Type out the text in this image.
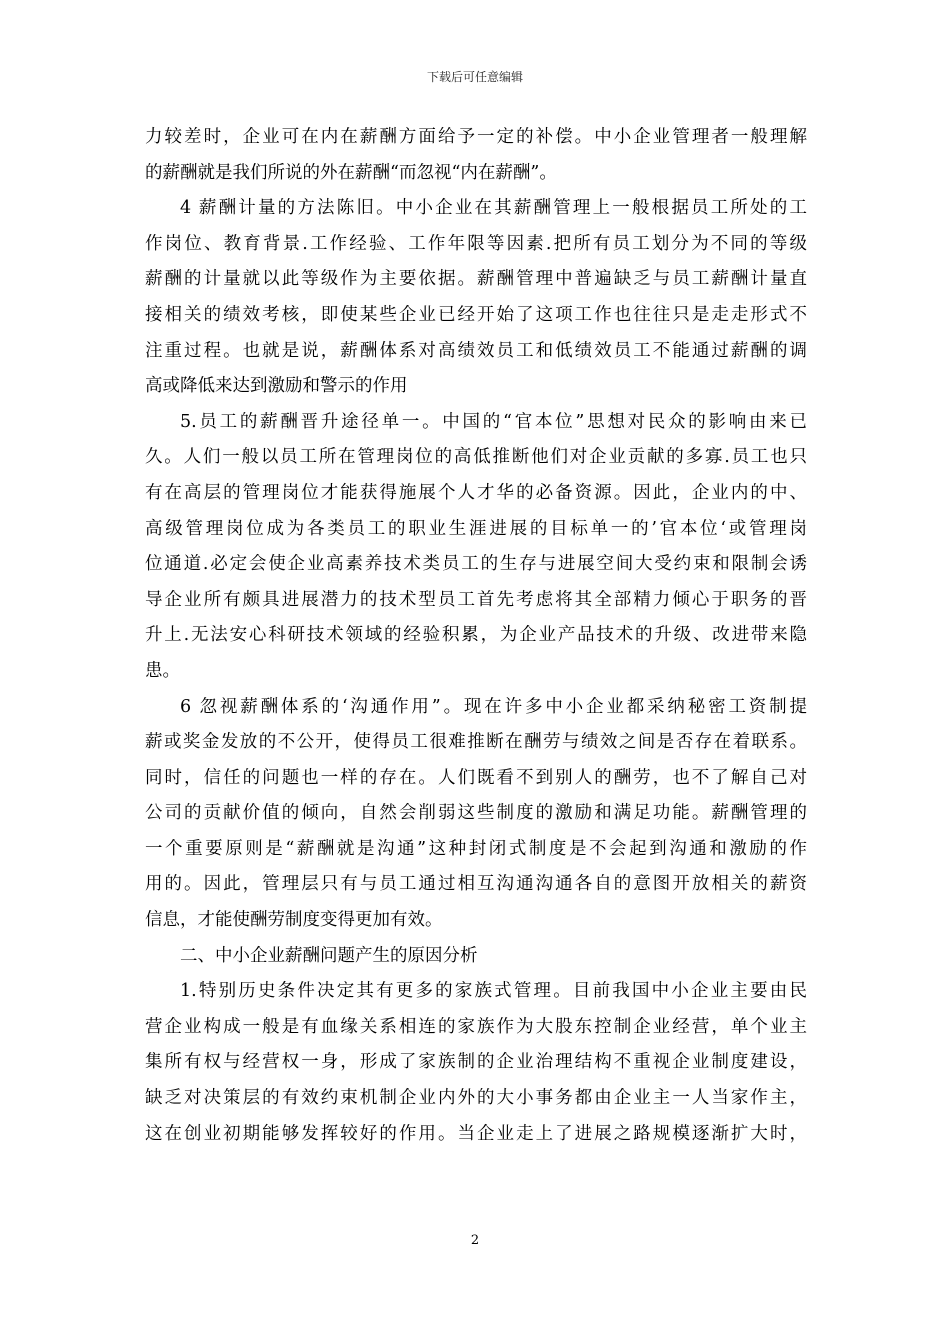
下载后可任意编辑
力较差时，企业可在内在薪酬方面给予一定的补偿。中小企业管理者一般理解
的薪酬就是我们所说的外在薪酬“而忽视“内在薪酬”。
4 薪酬计量的方法陈旧。中小企业在其薪酬管理上一般根据员工所处的工
作岗位、教育背景.工作经验、工作年限等因素.把所有员工划分为不同的等级
薪酬的计量就以此等级作为主要依据。薪酬管理中普遍缺乏与员工薪酬计量直
接相关的绩效考核，即使某些企业已经开始了这项工作也往往只是走走形式不
注重过程。也就是说，薪酬体系对高绩效员工和低绩效员工不能通过薪酬的调
高或降低来达到激励和警示的作用
5.员工的薪酬晋升途径单一。中国的“官本位”思想对民众的影响由来已
久。人们一般以员工所在管理岗位的高低推断他们对企业贡献的多寡.员工也只
有在高层的管理岗位才能获得施展个人才华的必备资源。因此，企业内的中、
高级管理岗位成为各类员工的职业生涯进展的目标单一的’官本位‘或管理岗
位通道.必定会使企业高素养技术类员工的生存与进展空间大受约束和限制会诱
导企业所有颇具进展潜力的技术型员工首先考虑将其全部精力倾心于职务的晋
升上.无法安心科研技术领域的经验积累，为企业产品技术的升级、改进带来隐
患。
6 忽视薪酬体系的‘沟通作用”。现在许多中小企业都采纳秘密工资制提
薪或奖金发放的不公开，使得员工很难推断在酬劳与绩效之间是否存在着联系。
同时，信任的问题也一样的存在。人们既看不到别人的酬劳，也不了解自己对
公司的贡献价值的倾向，自然会削弱这些制度的激励和满足功能。薪酬管理的
一个重要原则是“薪酬就是沟通”这种封闭式制度是不会起到沟通和激励的作
用的。因此，管理层只有与员工通过相互沟通沟通各自的意图开放相关的薪资
信息，才能使酬劳制度变得更加有效。
二、中小企业薪酬问题产生的原因分析
1.特别历史条件决定其有更多的家族式管理。目前我国中小企业主要由民
营企业构成一般是有血缘关系相连的家族作为大股东控制企业经营，单个业主
集所有权与经营权一身，形成了家族制的企业治理结构不重视企业制度建设，
缺乏对决策层的有效约束机制企业内外的大小事务都由企业主一人当家作主，
这在创业初期能够发挥较好的作用。当企业走上了进展之路规模逐渐扩大时，
2
